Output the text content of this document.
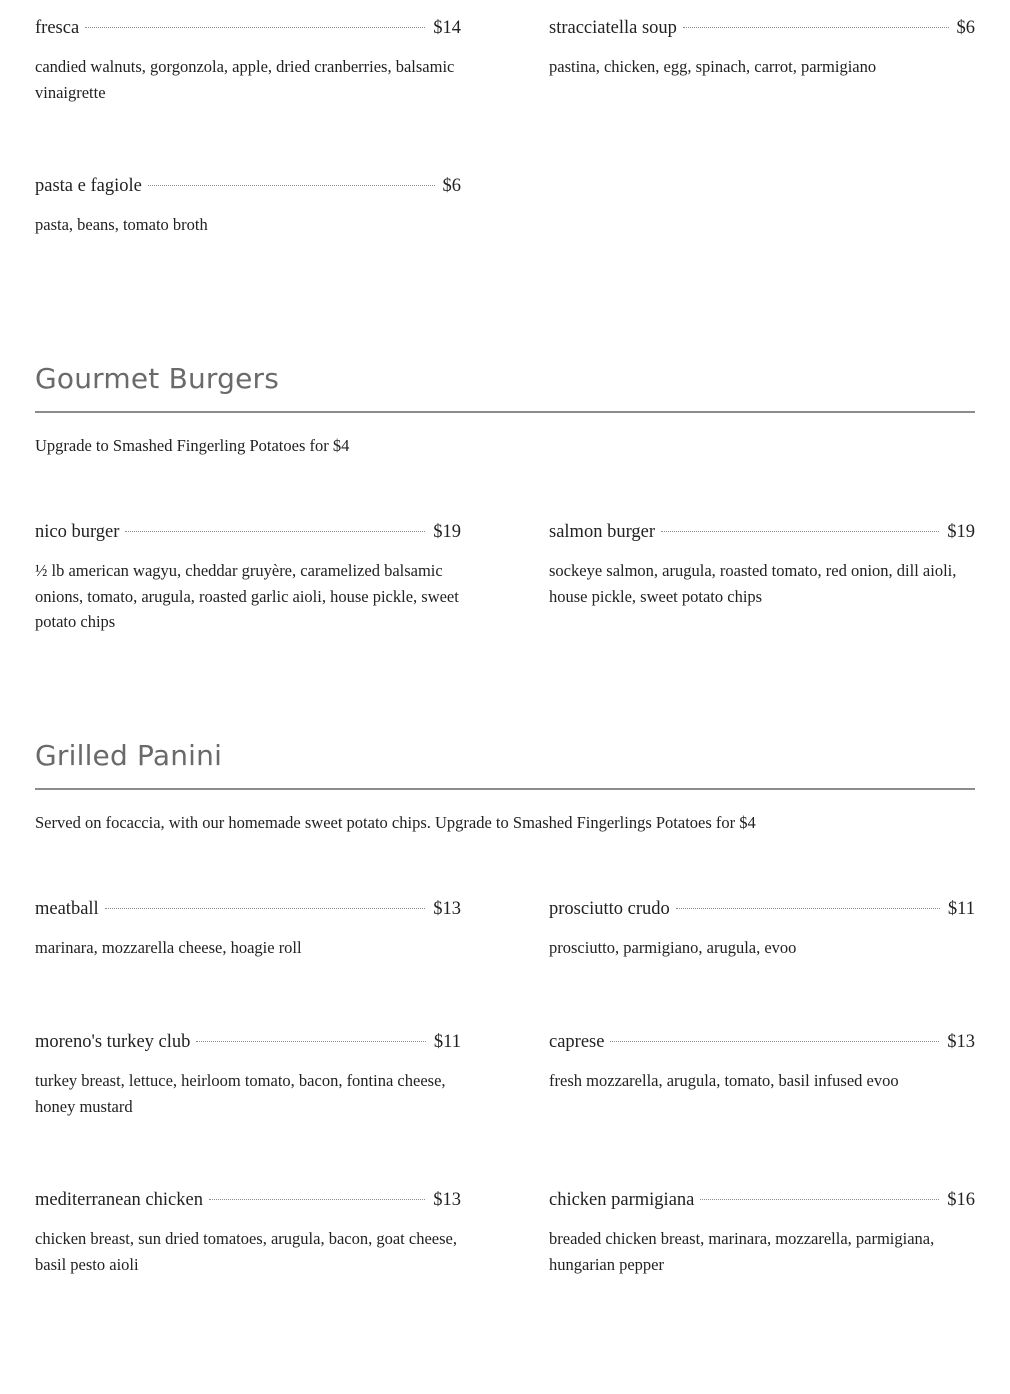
fresca	$14
candied walnuts, gorgonzola, apple, dried cranberries, balsamic vinaigrette
stracciatella soup	$6
pastina, chicken, egg, spinach, carrot, parmigiano
pasta e fagiole	$6
pasta, beans, tomato broth
Gourmet Burgers
Upgrade to Smashed Fingerling Potatoes for $4
nico burger	$19
½ lb american wagyu, cheddar gruyère, caramelized balsamic onions, tomato, arugula, roasted garlic aioli, house pickle, sweet potato chips
salmon burger	$19
sockeye salmon, arugula, roasted tomato, red onion, dill aioli, house pickle, sweet potato chips
Grilled Panini
Served on focaccia, with our homemade sweet potato chips. Upgrade to Smashed Fingerlings Potatoes for $4
meatball	$13
marinara, mozzarella cheese, hoagie roll
prosciutto crudo	$11
prosciutto, parmigiano, arugula, evoo
moreno's turkey club	$11
turkey breast, lettuce, heirloom tomato, bacon, fontina cheese, honey mustard
caprese	$13
fresh mozzarella, arugula, tomato, basil infused evoo
mediterranean chicken	$13
chicken breast, sun dried tomatoes, arugula, bacon, goat cheese, basil pesto aioli
chicken parmigiana	$16
breaded chicken breast, marinara, mozzarella, parmigiana, hungarian pepper
